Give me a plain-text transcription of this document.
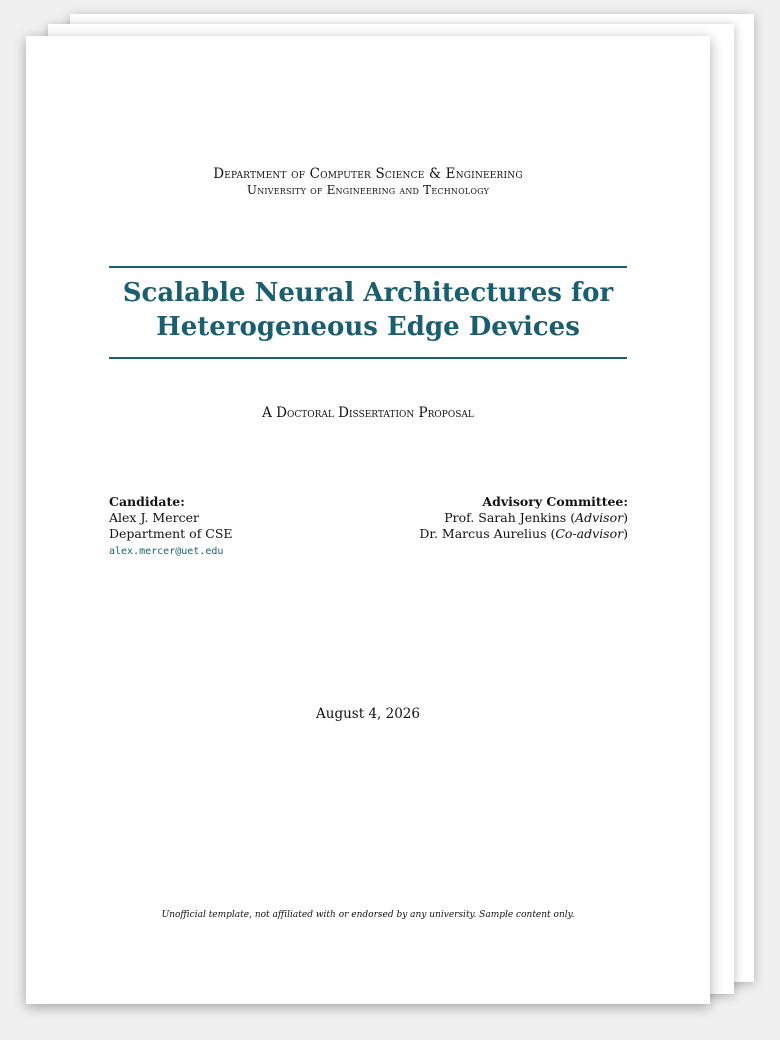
Department of Computer Science & Engineering
University of Engineering and Technology
Scalable Neural Architectures for
Heterogeneous Edge Devices
A Doctoral Dissertation Proposal
Candidate:
Alex J. Mercer
Department of CSE
alex.mercer@uet.edu
Advisory Committee:
Prof. Sarah Jenkins (Advisor)
Dr. Marcus Aurelius (Co-advisor)
August 4, 2026
Unofficial template, not affiliated with or endorsed by any university. Sample content only.
